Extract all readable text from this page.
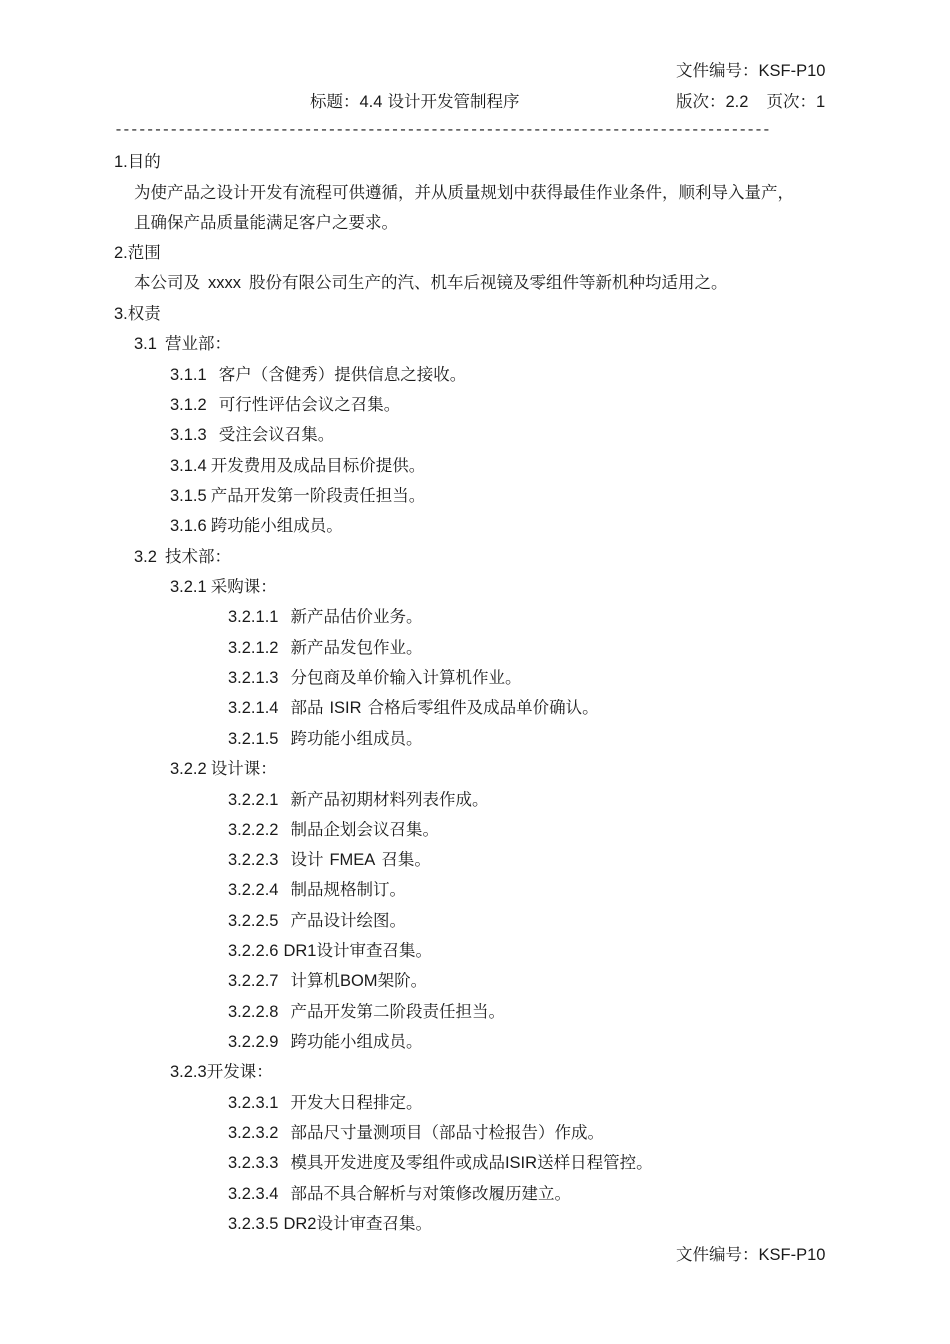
文件编号：KSF-P10
标题：4.4 设计开发管制程序	版次：2.2 页次：1
-----------------------------------------------------------------------------------
1.目的
为使产品之设计开发有流程可供遵循，并从质量规划中获得最佳作业条件，顺利导入量产，
且确保产品质量能满足客户之要求。
2.范围
本公司及 xxxx 股份有限公司生产的汽、机车后视镜及零组件等新机种均适用之。
3.权责
3.1 营业部：
3.1.1 客户（含健秀）提供信息之接收。
3.1.2 可行性评估会议之召集。
3.1.3 受注会议召集。
3.1.4 开发费用及成品目标价提供。
3.1.5 产品开发第一阶段责任担当。
3.1.6 跨功能小组成员。
3.2 技术部：
3.2.1 采购课：
3.2.1.1 新产品估价业务。
3.2.1.2 新产品发包作业。
3.2.1.3 分包商及单价输入计算机作业。
3.2.1.4 部品 ISIR 合格后零组件及成品单价确认。
3.2.1.5 跨功能小组成员。
3.2.2 设计课：
3.2.2.1 新产品初期材料列表作成。
3.2.2.2 制品企划会议召集。
3.2.2.3 设计 FMEA 召集。
3.2.2.4 制品规格制订。
3.2.2.5 产品设计绘图。
3.2.2.6 DR1设计审查召集。
3.2.2.7 计算机BOM架阶。
3.2.2.8 产品开发第二阶段责任担当。
3.2.2.9 跨功能小组成员。
3.2.3开发课：
3.2.3.1 开发大日程排定。
3.2.3.2 部品尺寸量测项目（部品寸检报告）作成。
3.2.3.3 模具开发进度及零组件或成品ISIR送样日程管控。
3.2.3.4 部品不具合解析与对策修改履历建立。
3.2.3.5 DR2设计审查召集。
文件编号：KSF-P10
